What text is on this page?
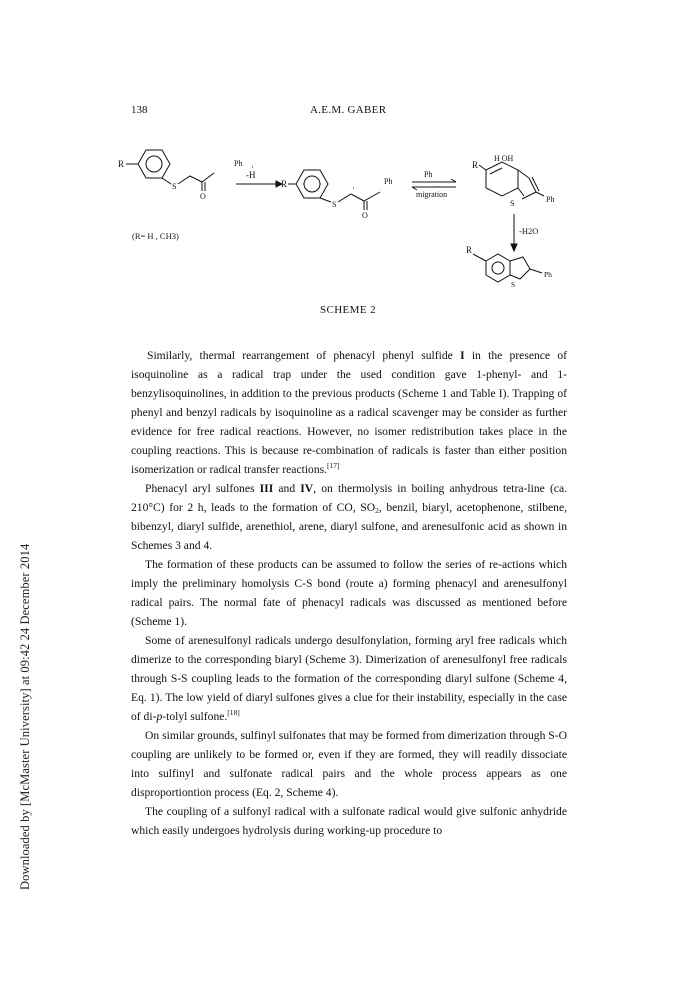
Downloaded by [McMaster University] at 09:42 24 December 2014
138	A.E.M. GABER
R
S
O
Ph
(R= H , CH3)
-H
·
R
S
·
O
Ph
Ph
migration
R
H OH
S	Ph
-H2O
R
S
Ph
SCHEME 2

Similarly, thermal rearrangement of phenacyl phenyl sulfide I in the presence of isoquinoline as a radical trap under the used condition gave 1-phenyl- and 1-benzylisoquinolines, in addition to the previous products (Scheme 1 and Table I). Trapping of phenyl and benzyl radicals by isoquinoline as a radical scavenger may be consider as further evidence for free radical reactions. However, no isomer redistribution takes place in the coupling reactions. This is because re-combination of radicals is faster than either position isomerization or radical transfer reactions.[17]

Phenacyl aryl sulfones III and IV, on thermolysis in boiling anhydrous tetra-line (ca. 210°C) for 2 h, leads to the formation of CO, $SO_2$, benzil, biaryl, acetophenone, stilbene, bibenzyl, diaryl sulfide, arenethiol, arene, diaryl sulfone, and arenesulfonic acid as shown in Schemes 3 and 4.

The formation of these products can be assumed to follow the series of re-actions which imply the preliminary homolysis C-S bond (route a) forming phenacyl and arenesulfonyl radical pairs. The normal fate of phenacyl radicals was discussed as mentioned before (Scheme 1).

Some of arenesulfonyl radicals undergo desulfonylation, forming aryl free radicals which dimerize to the corresponding biaryl (Scheme 3). Dimerization of arenesulfonyl free radicals through S-S coupling leads to the formation of the corresponding diaryl sulfone (Scheme 4, Eq. 1). The low yield of diaryl sulfones gives a clue for their instability, especially in the case of di-p-tolyl sulfone.[18]

On similar grounds, sulfinyl sulfonates that may be formed from dimerization through S-O coupling are unlikely to be formed or, even if they are formed, they will readily dissociate into sulfinyl and sulfonate radical pairs and the whole process appears as one disproportiontion process (Eq. 2, Scheme 4).

The coupling of a sulfonyl radical with a sulfonate radical would give sulfonic anhydride which easily undergoes hydrolysis during working-up procedure to
